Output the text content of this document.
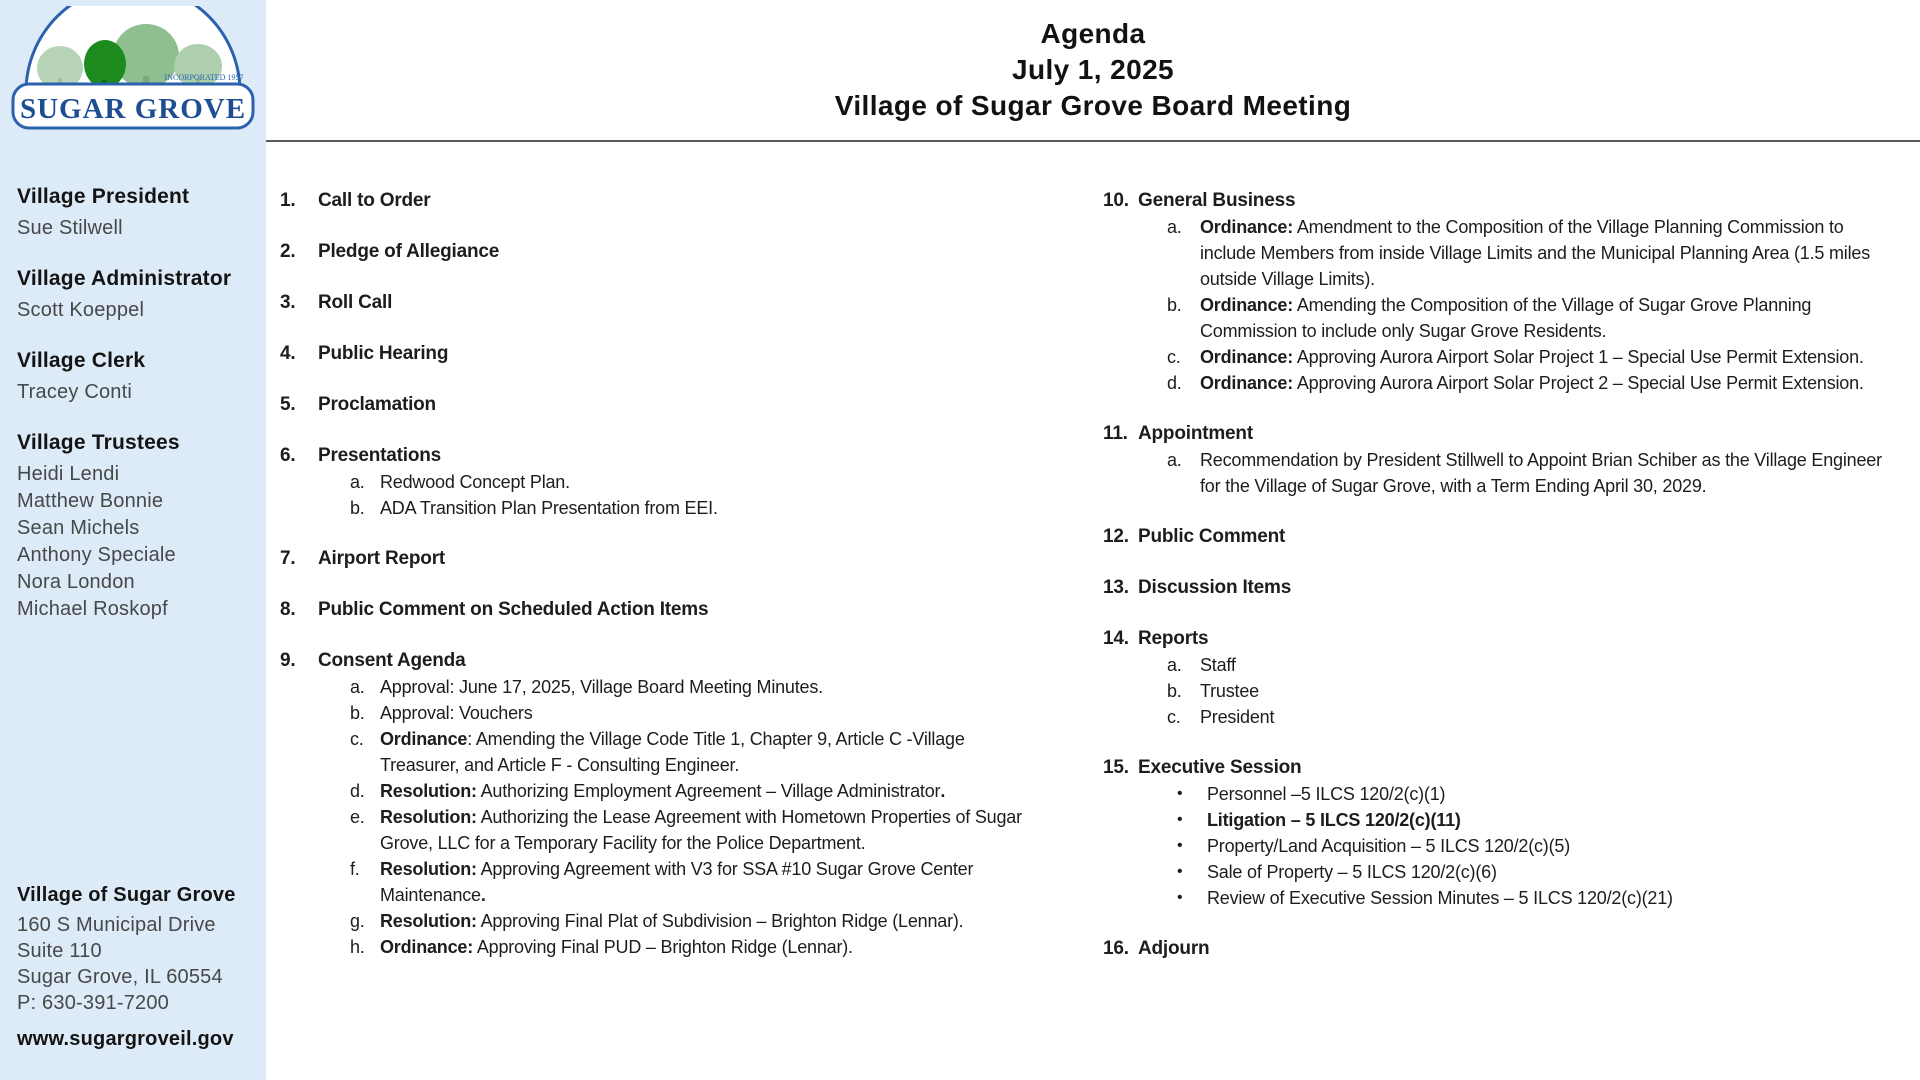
INCORPORATED 1957
SUGAR GROVE
Village President
Sue Stilwell
Village Administrator
Scott Koeppel
Village Clerk
Tracey Conti
Village Trustees
Heidi Lendi
Matthew Bonnie
Sean Michels
Anthony Speciale
Nora London
Michael Roskopf
Village of Sugar Grove
160 S Municipal Drive
Suite 110
Sugar Grove, IL 60554
P: 630-391-7200
www.sugargroveil.gov
Agenda
July 1, 2025
Village of Sugar Grove Board Meeting
1.	Call to Order
2.	Pledge of Allegiance
3.	Roll Call
4.	Public Hearing
5.	Proclamation
6.	Presentations
a. Redwood Concept Plan.
b. ADA Transition Plan Presentation from EEI.
7.	Airport Report
8.	Public Comment on Scheduled Action Items
9.	Consent Agenda
a. Approval: June 17, 2025, Village Board Meeting Minutes.
b. Approval: Vouchers
c. Ordinance: Amending the Village Code Title 1, Chapter 9, Article C -Village Treasurer, and Article F - Consulting Engineer.
d. Resolution: Authorizing Employment Agreement – Village Administrator.
e. Resolution: Authorizing the Lease Agreement with Hometown Properties of Sugar Grove, LLC for a Temporary Facility for the Police Department.
f.	Resolution: Approving Agreement with V3 for SSA #10 Sugar Grove Center Maintenance.
g. Resolution: Approving Final Plat of Subdivision – Brighton Ridge (Lennar).
h. Ordinance: Approving Final PUD – Brighton Ridge (Lennar).
10. General Business
a.	Ordinance: Amendment to the Composition of the Village Planning Commission to include Members from inside Village Limits and the Municipal Planning Area (1.5 miles outside Village Limits).
b.	Ordinance: Amending the Composition of the Village of Sugar Grove Planning Commission to include only Sugar Grove Residents.
c.	Ordinance: Approving Aurora Airport Solar Project 1 – Special Use Permit Extension.
d.	Ordinance: Approving Aurora Airport Solar Project 2 – Special Use Permit Extension.
11. Appointment
a.	Recommendation by President Stillwell to Appoint Brian Schiber as the Village Engineer for the Village of Sugar Grove, with a Term Ending April 30, 2029.
12. Public Comment
13. Discussion Items
14. Reports
a.	Staff
b.	Trustee
c.	President
15. Executive Session
•	Personnel –5 ILCS 120/2(c)(1)
•	Litigation – 5 ILCS 120/2(c)(11)
•	Property/Land Acquisition – 5 ILCS 120/2(c)(5)
•	Sale of Property – 5 ILCS 120/2(c)(6)
•	Review of Executive Session Minutes – 5 ILCS 120/2(c)(21)
16. Adjourn
